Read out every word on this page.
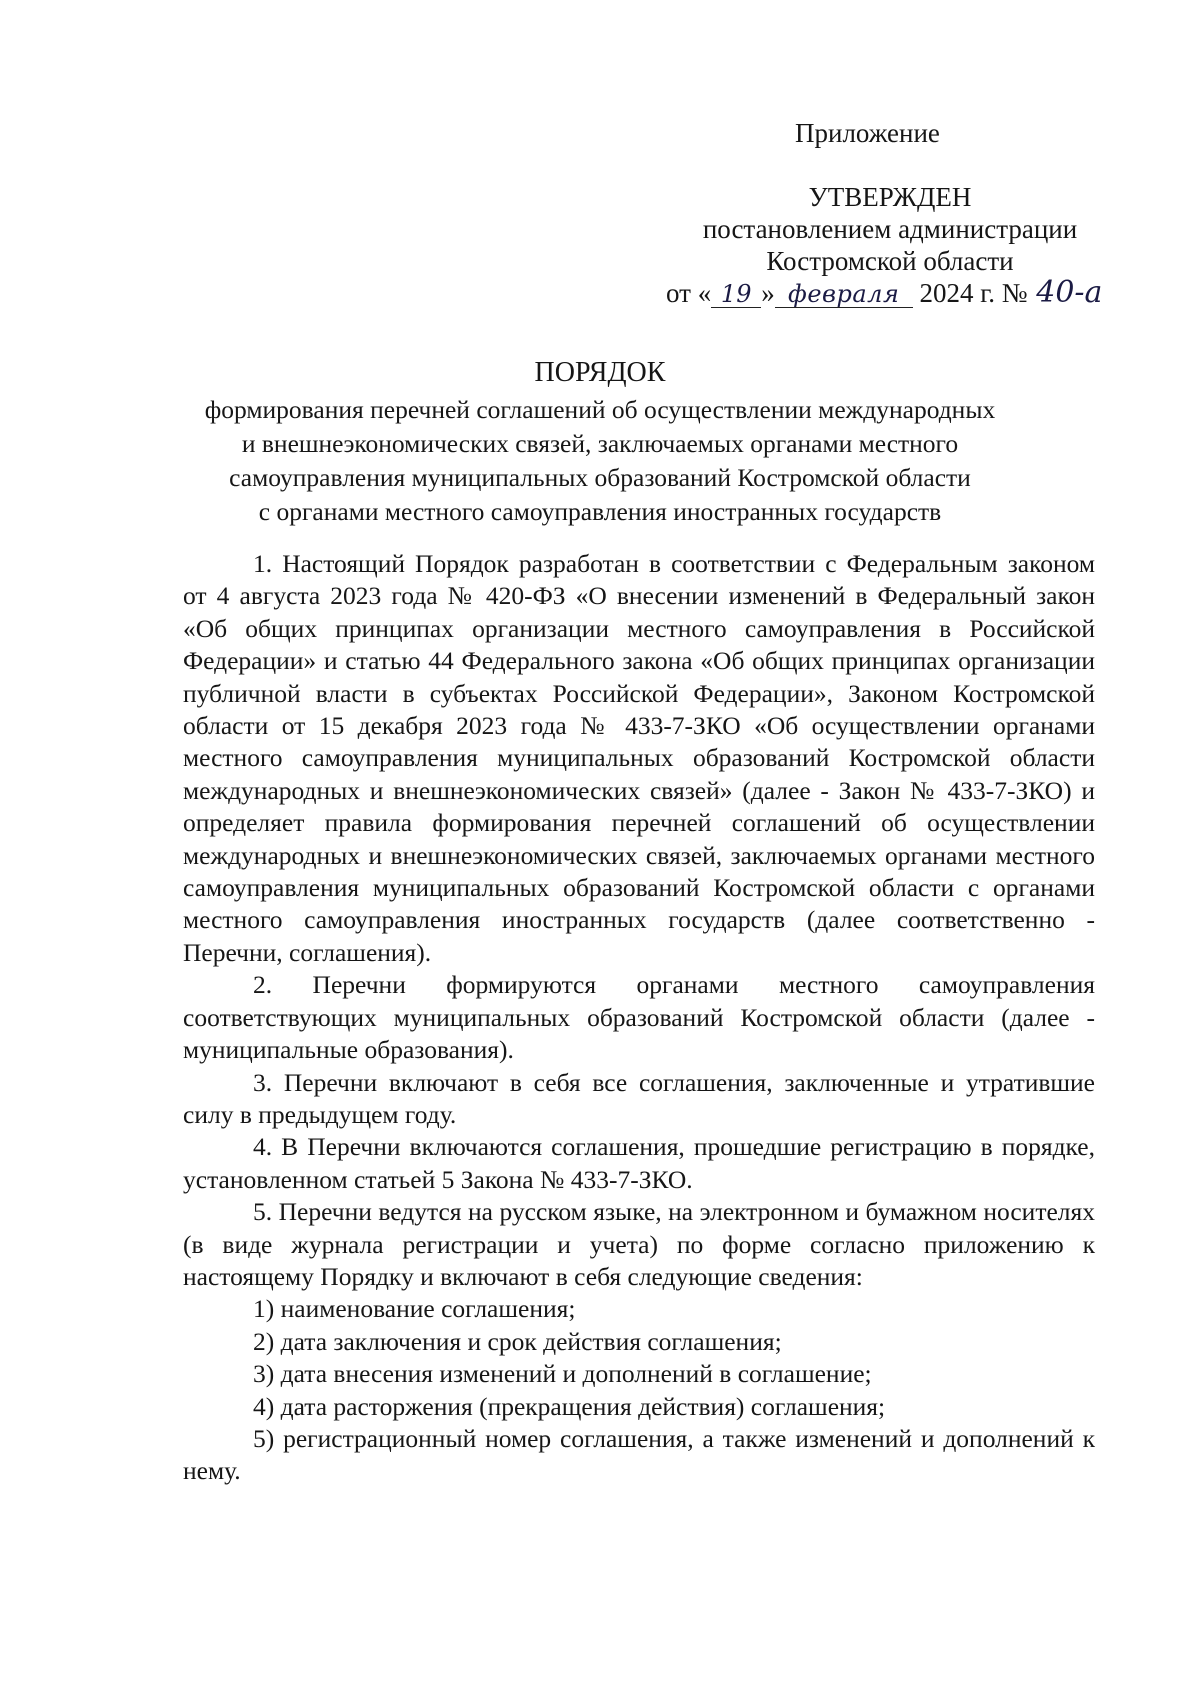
Приложение
УТВЕРЖДЕН
постановлением администрации
Костромской области
от « 19 » февраля 2024 г. № 40-а
ПОРЯДОК
формирования перечней соглашений об осуществлении международных
и внешнеэкономических связей, заключаемых органами местного
самоуправления муниципальных образований Костромской области
с органами местного самоуправления иностранных государств

1. Настоящий Порядок разработан в соответствии с Федеральным законом от 4 августа 2023 года № 420-ФЗ «О внесении изменений в Федеральный закон «Об общих принципах организации местного самоуправления в Российской Федерации» и статью 44 Федерального закона «Об общих принципах организации публичной власти в субъектах Российской Федерации», Законом Костромской области от 15 декабря 2023 года № 433-7-ЗКО «Об осуществлении органами местного самоуправления муниципальных образований Костромской области международных и внешнеэкономических связей» (далее - Закон № 433-7-ЗКО) и определяет правила формирования перечней соглашений об осуществлении международных и внешнеэкономических связей, заключаемых органами местного самоуправления муниципальных образований Костромской области с органами местного самоуправления иностранных государств (далее соответственно - Перечни, соглашения).

2. Перечни формируются органами местного самоуправления соответствующих муниципальных образований Костромской области (далее - муниципальные образования).

3. Перечни включают в себя все соглашения, заключенные и утратившие силу в предыдущем году.

4. В Перечни включаются соглашения, прошедшие регистрацию в порядке, установленном статьей 5 Закона № 433-7-ЗКО.

5. Перечни ведутся на русском языке, на электронном и бумажном носителях (в виде журнала регистрации и учета) по форме согласно приложению к настоящему Порядку и включают в себя следующие сведения:

1) наименование соглашения;

2) дата заключения и срок действия соглашения;

3) дата внесения изменений и дополнений в соглашение;

4) дата расторжения (прекращения действия) соглашения;

5) регистрационный номер соглашения, а также изменений и дополнений к нему.
